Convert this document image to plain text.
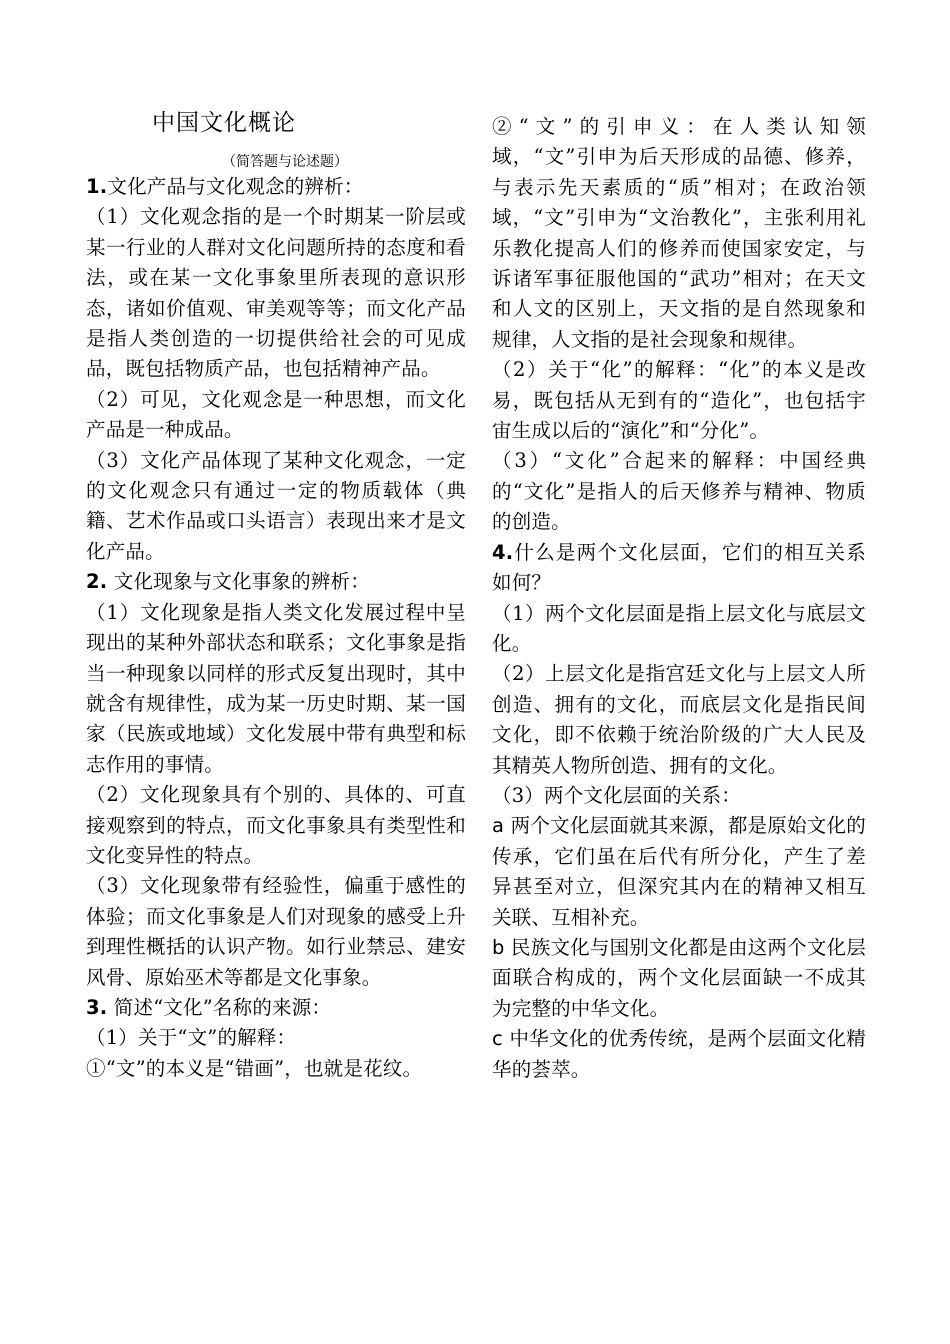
中国文化概论
（简答题与论述题）

1.文化产品与文化观念的辨析：

（1）文化观念指的是一个时期某一阶层或某一行业的人群对文化问题所持的态度和看法，或在某一文化事象里所表现的意识形态，诸如价值观、审美观等等；而文化产品是指人类创造的一切提供给社会的可见成品，既包括物质产品，也包括精神产品。

（2）可见，文化观念是一种思想，而文化产品是一种成品。

（3）文化产品体现了某种文化观念，一定的文化观念只有通过一定的物质载体（典籍、艺术作品或口头语言）表现出来才是文化产品。

2. 文化现象与文化事象的辨析：

（1）文化现象是指人类文化发展过程中呈现出的某种外部状态和联系；文化事象是指当一种现象以同样的形式反复出现时，其中就含有规律性，成为某一历史时期、某一国家（民族或地域）文化发展中带有典型和标志作用的事情。

（2）文化现象具有个别的、具体的、可直接观察到的特点，而文化事象具有类型性和文化变异性的特点。

（3）文化现象带有经验性，偏重于感性的体验；而文化事象是人们对现象的感受上升到理性概括的认识产物。如行业禁忌、建安风骨、原始巫术等都是文化事象。

3. 简述“文化”名称的来源：

（1）关于“文”的解释：

①“文”的本义是“错画”，也就是花纹。

②“文”的引申义：在人类认知领域，“文”引申为后天形成的品德、修养，与表示先天素质的“质”相对；在政治领域，“文”引申为“文治教化”，主张利用礼乐教化提高人们的修养而使国家安定，与诉诸军事征服他国的“武功”相对；在天文和人文的区别上，天文指的是自然现象和规律，人文指的是社会现象和规律。

（2）关于“化”的解释：“化”的本义是改易，既包括从无到有的“造化”，也包括宇宙生成以后的“演化”和“分化”。

（3）“文化”合起来的解释：中国经典的“文化”是指人的后天修养与精神、物质的创造。

4.什么是两个文化层面，它们的相互关系如何？

（1）两个文化层面是指上层文化与底层文化。

（2）上层文化是指宫廷文化与上层文人所创造、拥有的文化，而底层文化是指民间文化，即不依赖于统治阶级的广大人民及其精英人物所创造、拥有的文化。

（3）两个文化层面的关系：

a 两个文化层面就其来源，都是原始文化的传承，它们虽在后代有所分化，产生了差异甚至对立，但深究其内在的精神又相互关联、互相补充。

b 民族文化与国别文化都是由这两个文化层面联合构成的，两个文化层面缺一不成其为完整的中华文化。

c 中华文化的优秀传统，是两个层面文化精华的荟萃。
